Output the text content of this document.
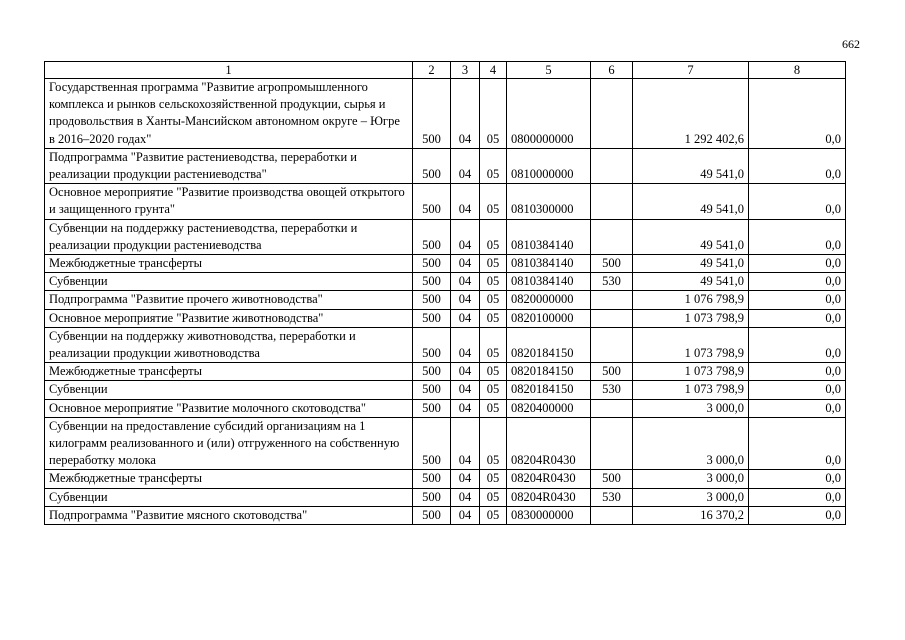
662
1	2	3	4	5	6	7	8
Государственная программа "Развитие агропромышленного комплекса и рынков сельскохозяйственной продукции, сырья и продовольствия в Ханты-Мансийском автономном округе – Югре в 2016–2020 годах"	500	04	05	0800000000		1 292 402,6	0,0
Подпрограмма "Развитие растениеводства, переработки и реализации продукции растениеводства"	500	04	05	0810000000		49 541,0	0,0
Основное мероприятие "Развитие производства овощей открытого и защищенного грунта"	500	04	05	0810300000		49 541,0	0,0
Субвенции на поддержку растениеводства, переработки и реализации продукции растениеводства	500	04	05	0810384140		49 541,0	0,0
Межбюджетные трансферты	500	04	05	0810384140	500	49 541,0	0,0
Субвенции	500	04	05	0810384140	530	49 541,0	0,0
Подпрограмма "Развитие прочего животноводства"	500	04	05	0820000000		1 076 798,9	0,0
Основное мероприятие "Развитие животноводства"	500	04	05	0820100000		1 073 798,9	0,0
Субвенции на поддержку животноводства, переработки и реализации продукции животноводства	500	04	05	0820184150		1 073 798,9	0,0
Межбюджетные трансферты	500	04	05	0820184150	500	1 073 798,9	0,0
Субвенции	500	04	05	0820184150	530	1 073 798,9	0,0
Основное мероприятие "Развитие молочного скотоводства"	500	04	05	0820400000		3 000,0	0,0
Субвенции на предоставление субсидий организациям на 1 килограмм реализованного и (или) отгруженного на собственную переработку молока	500	04	05	08204R0430		3 000,0	0,0
Межбюджетные трансферты	500	04	05	08204R0430	500	3 000,0	0,0
Субвенции	500	04	05	08204R0430	530	3 000,0	0,0
Подпрограмма "Развитие мясного скотоводства"	500	04	05	0830000000		16 370,2	0,0
